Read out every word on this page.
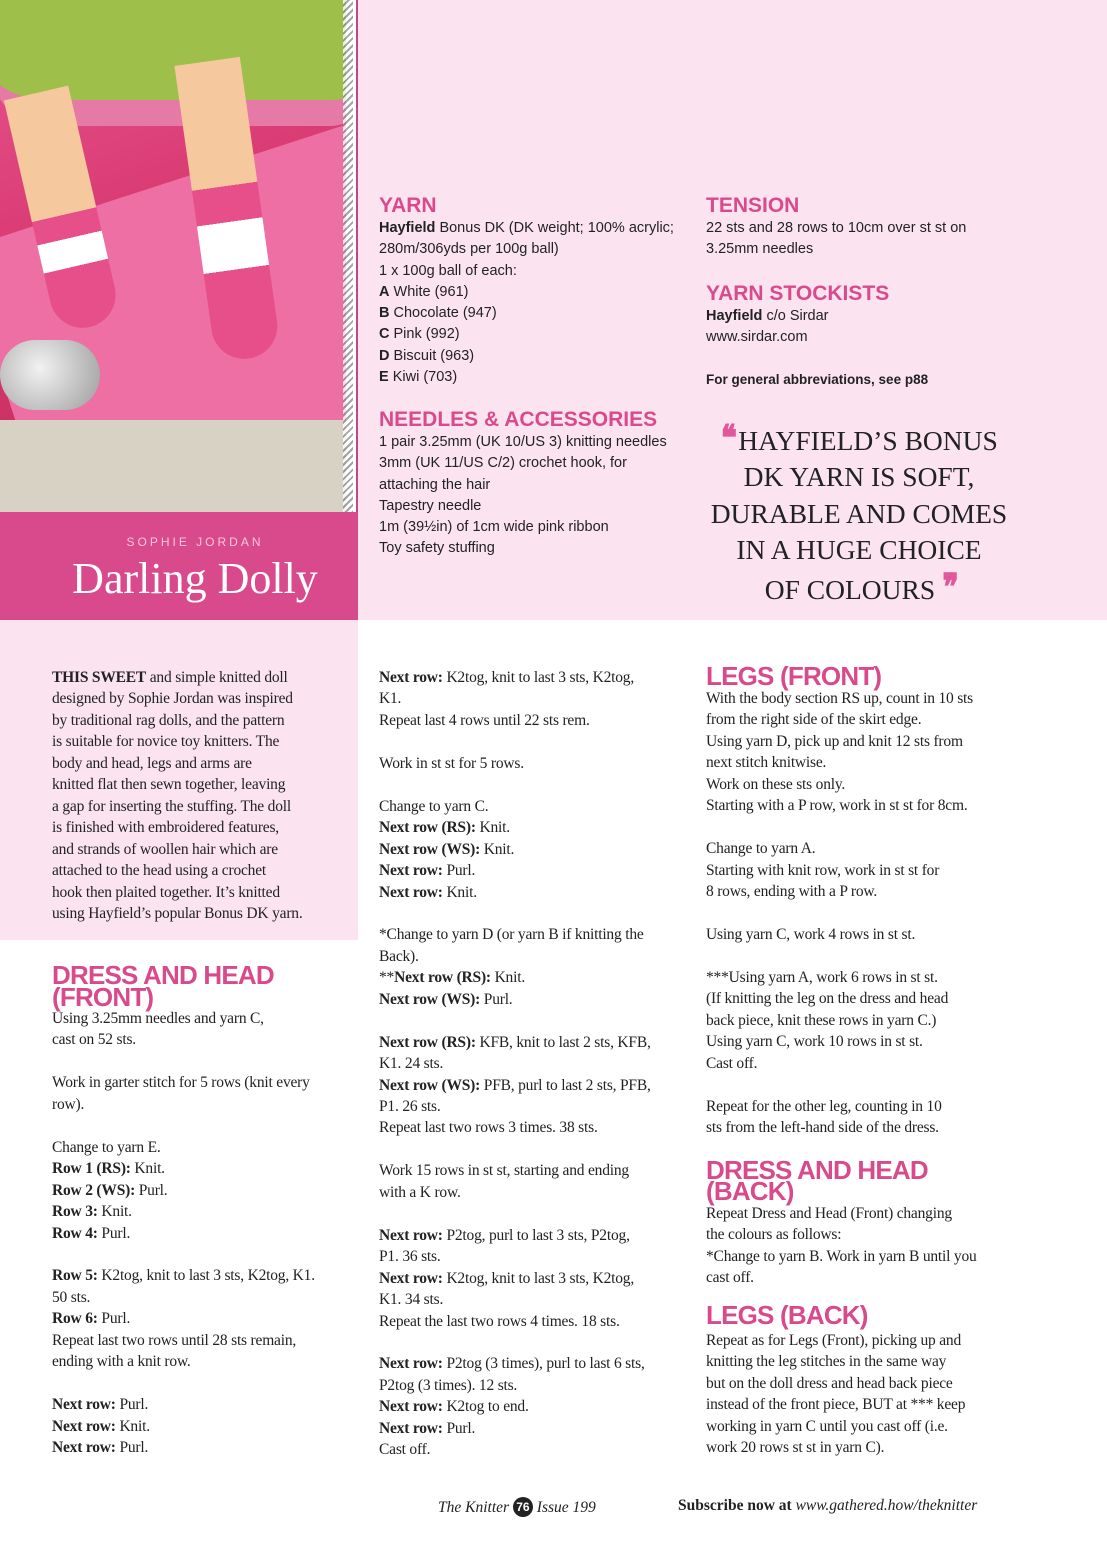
SOPHIE JORDAN
Darling Dolly
YARN
Hayfield Bonus DK (DK weight; 100% acrylic;
280m/306yds per 100g ball)
1 x 100g ball of each:
A White (961)
B Chocolate (947)
C Pink (992)
D Biscuit (963)
E Kiwi (703)
NEEDLES & ACCESSORIES
1 pair 3.25mm (UK 10/US 3) knitting needles
3mm (UK 11/US C/2) crochet hook, for
attaching the hair
Tapestry needle
1m (39½in) of 1cm wide pink ribbon
Toy safety stuffing
TENSION
22 sts and 28 rows to 10cm over st st on
3.25mm needles
YARN STOCKISTS
Hayfield c/o Sirdar
www.sirdar.com
For general abbreviations, see p88
❛❛ HAYFIELD’S BONUS
DK YARN IS SOFT,
DURABLE AND COMES
IN A HUGE CHOICE
OF COLOURS ❜❜
THIS SWEET and simple knitted doll
designed by Sophie Jordan was inspired
by traditional rag dolls, and the pattern
is suitable for novice toy knitters. The
body and head, legs and arms are
knitted flat then sewn together, leaving
a gap for inserting the stuffing. The doll
is finished with embroidered features,
and strands of woollen hair which are
attached to the head using a crochet
hook then plaited together. It’s knitted
using Hayfield’s popular Bonus DK yarn.
DRESS AND HEAD
(FRONT)
Using 3.25mm needles and yarn C,
cast on 52 sts.
Work in garter stitch for 5 rows (knit every
row).
Change to yarn E.
Row 1 (RS): Knit.
Row 2 (WS): Purl.
Row 3: Knit.
Row 4: Purl.
Row 5: K2tog, knit to last 3 sts, K2tog, K1.
50 sts.
Row 6: Purl.
Repeat last two rows until 28 sts remain,
ending with a knit row.
Next row: Purl.
Next row: Knit.
Next row: Purl.
Next row: K2tog, knit to last 3 sts, K2tog,
K1.
Repeat last 4 rows until 22 sts rem.
Work in st st for 5 rows.
Change to yarn C.
Next row (RS): Knit.
Next row (WS): Knit.
Next row: Purl.
Next row: Knit.
*Change to yarn D (or yarn B if knitting the
Back).
**Next row (RS): Knit.
Next row (WS): Purl.
Next row (RS): KFB, knit to last 2 sts, KFB,
K1. 24 sts.
Next row (WS): PFB, purl to last 2 sts, PFB,
P1. 26 sts.
Repeat last two rows 3 times. 38 sts.
Work 15 rows in st st, starting and ending
with a K row.
Next row: P2tog, purl to last 3 sts, P2tog,
P1. 36 sts.
Next row: K2tog, knit to last 3 sts, K2tog,
K1. 34 sts.
Repeat the last two rows 4 times. 18 sts.
Next row: P2tog (3 times), purl to last 6 sts,
P2tog (3 times). 12 sts.
Next row: K2tog to end.
Next row: Purl.
Cast off.
LEGS (FRONT)
With the body section RS up, count in 10 sts
from the right side of the skirt edge.
Using yarn D, pick up and knit 12 sts from
next stitch knitwise.
Work on these sts only.
Starting with a P row, work in st st for 8cm.
Change to yarn A.
Starting with knit row, work in st st for
8 rows, ending with a P row.
Using yarn C, work 4 rows in st st.
***Using yarn A, work 6 rows in st st.
(If knitting the leg on the dress and head
back piece, knit these rows in yarn C.)
Using yarn C, work 10 rows in st st.
Cast off.
Repeat for the other leg, counting in 10
sts from the left-hand side of the dress.
DRESS AND HEAD
(BACK)
Repeat Dress and Head (Front) changing
the colours as follows:
*Change to yarn B. Work in yarn B until you
cast off.
LEGS (BACK)
Repeat as for Legs (Front), picking up and
knitting the leg stitches in the same way
but on the doll dress and head back piece
instead of the front piece, BUT at *** keep
working in yarn C until you cast off (i.e.
work 20 rows st st in yarn C).
The Knitter 76 Issue 199	Subscribe now at www.gathered.how/theknitter
